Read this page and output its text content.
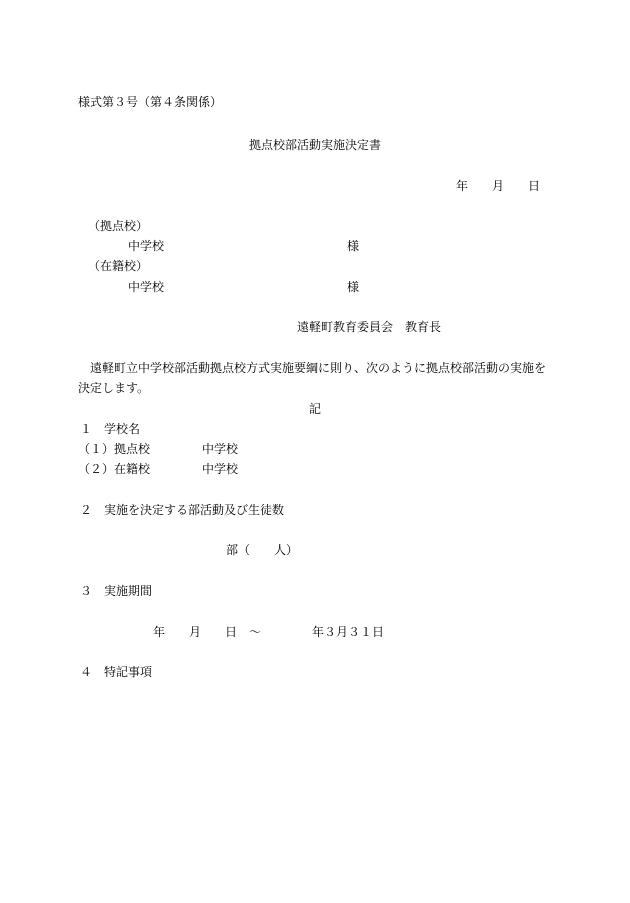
様式第３号（第４条関係）
拠点校部活動実施決定書
年　　月　　日
（拠点校）
中学校	様
（在籍校）
中学校	様
遠軽町教育委員会　教育長
遠軽町立中学校部活動拠点校方式実施要綱に則り、次のように拠点校部活動の実施を
決定します。
記
１　学校名
（１）拠点校	中学校
（２）在籍校	中学校
２　実施を決定する部活動及び生徒数
部（　　人）
３　実施期間
年　　月　　日　～	年３月３１日
４　特記事項
